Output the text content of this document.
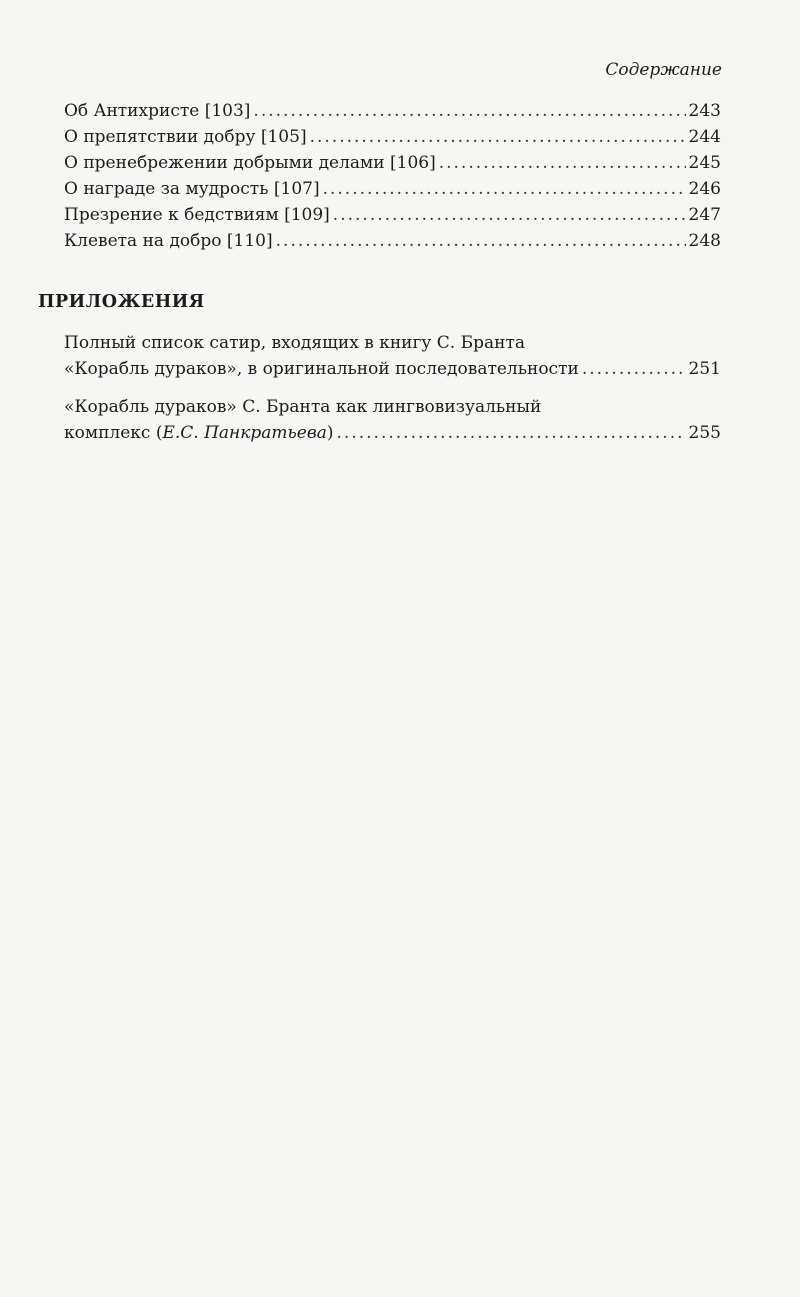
Содержание
Об Антихристе [103] .....	243
О препятствии добру [105] .....	244
О пренебрежении добрыми делами [106] .....	245
О награде за мудрость [107] .....	246
Презрение к бедствиям [109] .....	247
Клевета на добро [110] .....	248
ПРИЛОЖЕНИЯ
Полный список сатир, входящих в книгу С. Бранта
«Корабль дураков», в оригинальной последовательности .....	251
«Корабль дураков» С. Бранта как лингвовизуальный
комплекс (Е.С. Панкратьева) .....	255
